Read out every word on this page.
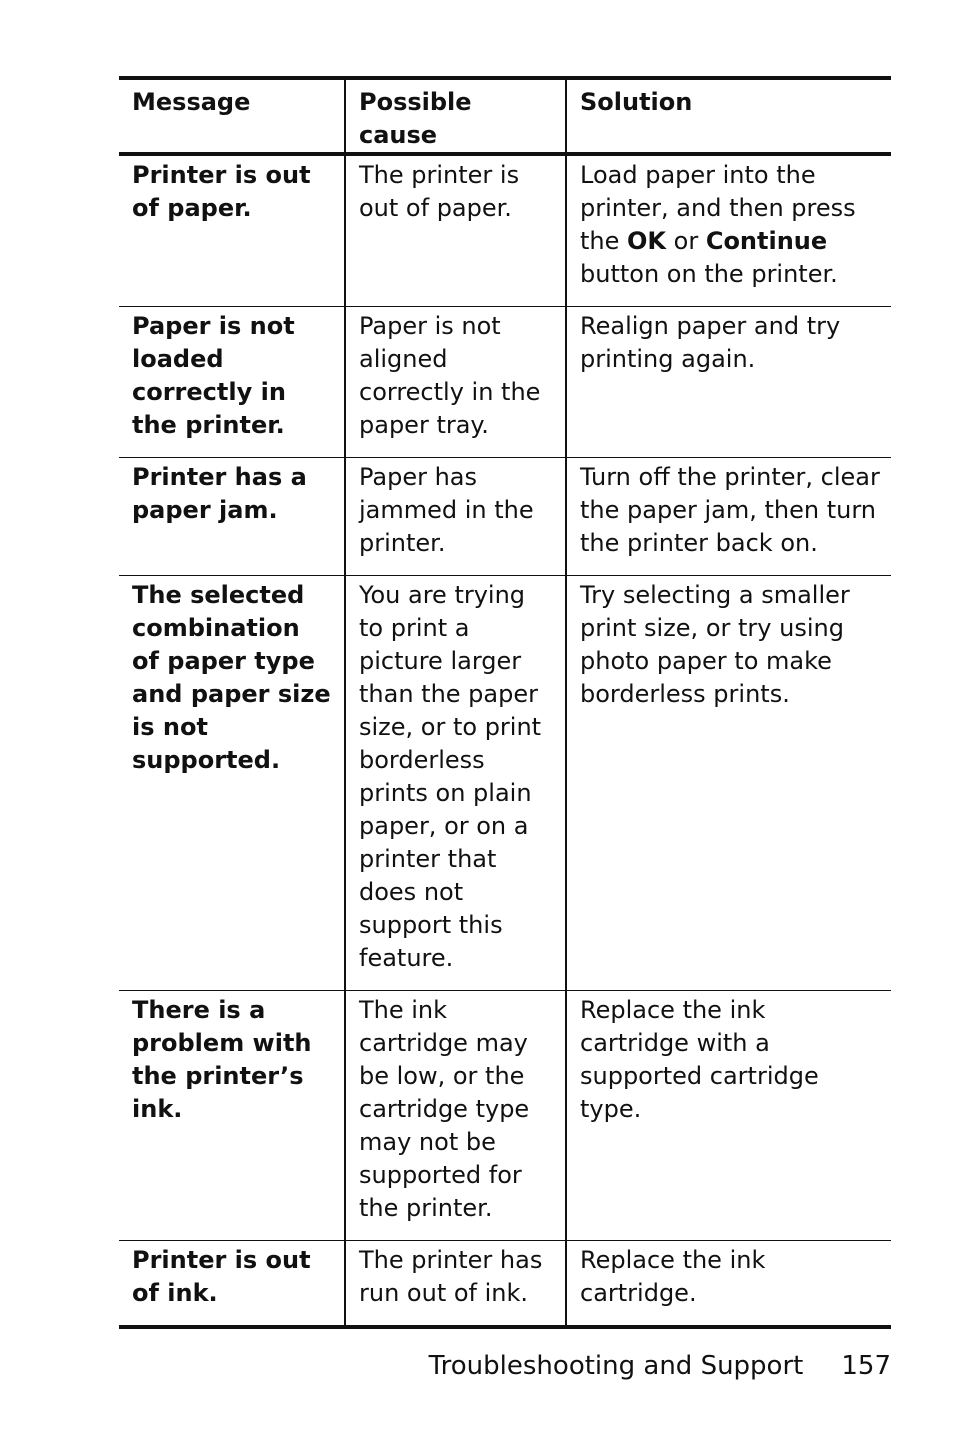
Message	Possible cause	Solution
Printer is out of paper.	The printer is out of paper.	Load paper into the printer, and then press the OK or Continue button on the printer.
Paper is not loaded correctly in the printer.	Paper is not aligned correctly in the paper tray.	Realign paper and try printing again.
Printer has a paper jam.	Paper has jammed in the printer.	Turn off the printer, clear the paper jam, then turn the printer back on.
The selected combination of paper type and paper size is not supported.	You are trying to print a picture larger than the paper size, or to print borderless prints on plain paper, or on a printer that does not support this feature.	Try selecting a smaller print size, or try using photo paper to make borderless prints.
There is a problem with the printer’s ink.	The ink cartridge may be low, or the cartridge type may not be supported for the printer.	Replace the ink cartridge with a supported cartridge type.
Printer is out of ink.	The printer has run out of ink.	Replace the ink cartridge.
Troubleshooting and Support 157
